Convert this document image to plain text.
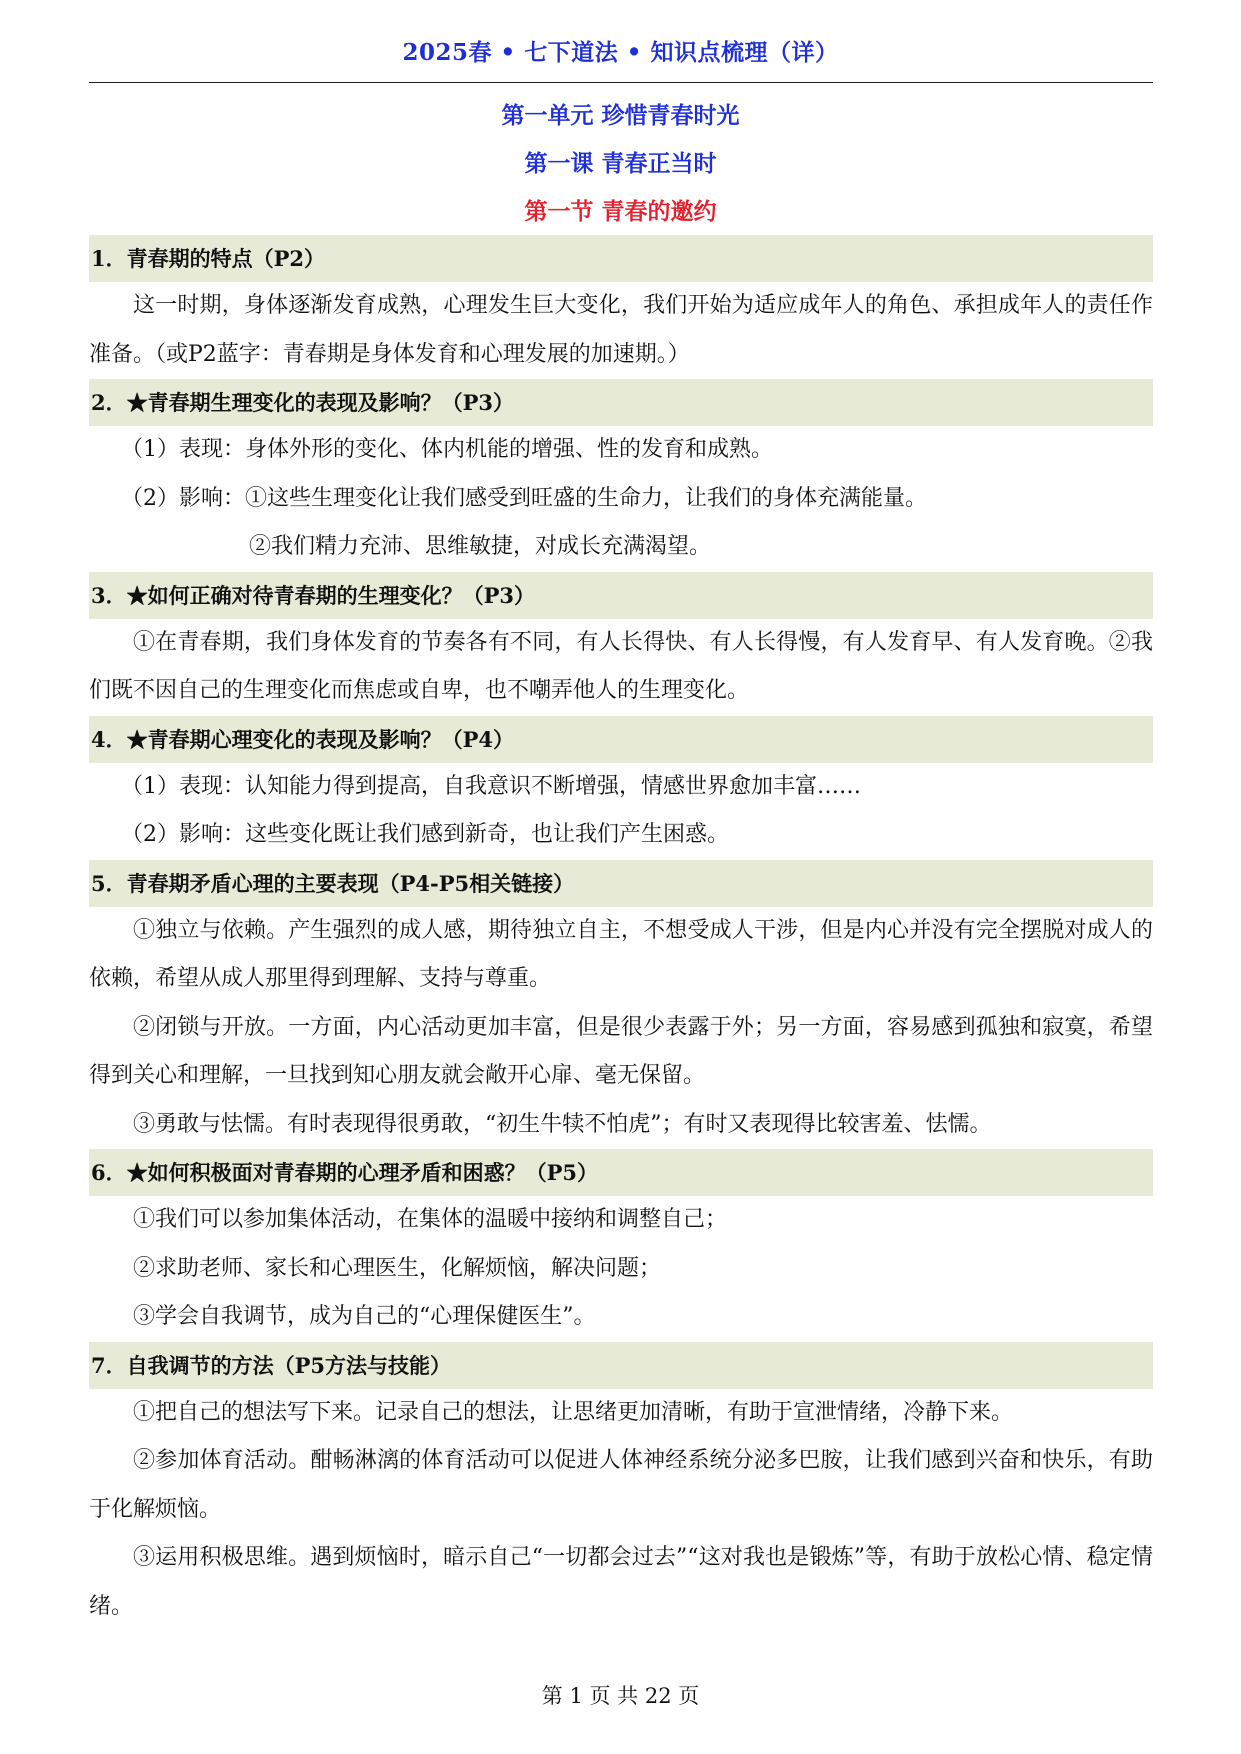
2025春 • 七下道法 • 知识点梳理（详）
第一单元 珍惜青春时光
第一课 青春正当时
第一节 青春的邀约
1．青春期的特点（P2）

这一时期，身体逐渐发育成熟，心理发生巨大变化，我们开始为适应成年人的角色、承担成年人的责任作准备。（或P2蓝字：青春期是身体发育和心理发展的加速期。）

2．★青春期生理变化的表现及影响？（P3）

（1）表现：身体外形的变化、体内机能的增强、性的发育和成熟。

（2）影响：①这些生理变化让我们感受到旺盛的生命力，让我们的身体充满能量。

②我们精力充沛、思维敏捷，对成长充满渴望。

3．★如何正确对待青春期的生理变化？（P3）

①在青春期，我们身体发育的节奏各有不同，有人长得快、有人长得慢，有人发育早、有人发育晚。②我们既不因自己的生理变化而焦虑或自卑，也不嘲弄他人的生理变化。

4．★青春期心理变化的表现及影响？（P4）

（1）表现：认知能力得到提高，自我意识不断增强，情感世界愈加丰富……

（2）影响：这些变化既让我们感到新奇，也让我们产生困惑。

5．青春期矛盾心理的主要表现（P4-P5相关链接）

①独立与依赖。产生强烈的成人感，期待独立自主，不想受成人干涉，但是内心并没有完全摆脱对成人的依赖，希望从成人那里得到理解、支持与尊重。

②闭锁与开放。一方面，内心活动更加丰富，但是很少表露于外；另一方面，容易感到孤独和寂寞，希望得到关心和理解，一旦找到知心朋友就会敞开心扉、毫无保留。

③勇敢与怯懦。有时表现得很勇敢，“初生牛犊不怕虎”；有时又表现得比较害羞、怯懦。

6．★如何积极面对青春期的心理矛盾和困惑？（P5）

①我们可以参加集体活动，在集体的温暖中接纳和调整自己；

②求助老师、家长和心理医生，化解烦恼，解决问题；

③学会自我调节，成为自己的“心理保健医生”。

7．自我调节的方法（P5方法与技能）

①把自己的想法写下来。记录自己的想法，让思绪更加清晰，有助于宣泄情绪，冷静下来。

②参加体育活动。酣畅淋漓的体育活动可以促进人体神经系统分泌多巴胺，让我们感到兴奋和快乐，有助于化解烦恼。

③运用积极思维。遇到烦恼时，暗示自己“一切都会过去”“这对我也是锻炼”等，有助于放松心情、稳定情绪。

第 1 页 共 22 页
